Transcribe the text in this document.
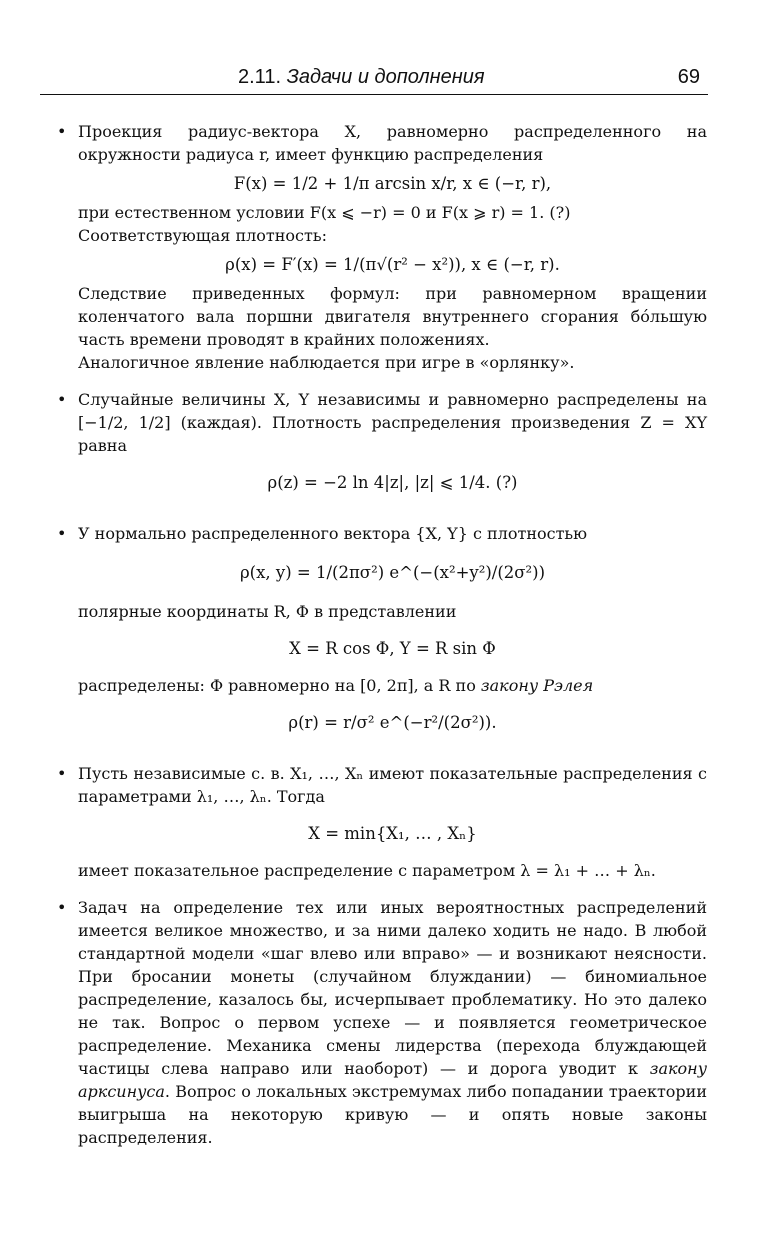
2.11. Задачи и дополнения	69
• Проекция радиус-вектора X, равномерно распределенного на окружности радиуса r, имеет функцию распределения

F(x) = 1/2 + 1/π arcsin x/r, x ∈ (−r, r),

при естественном условии F(x ⩽ −r) = 0 и F(x ⩾ r) = 1. (?)

Соответствующая плотность:

ρ(x) = F′(x) = 1/(π√(r² − x²)), x ∈ (−r, r).

Следствие приведенных формул: при равномерном вращении коленчатого вала поршни двигателя внутреннего сгорания бóльшую часть времени проводят в крайних положениях.

Аналогичное явление наблюдается при игре в «орлянку».

• Случайные величины X, Y независимы и равномерно распределены на [−1/2, 1/2] (каждая). Плотность распределения произведения Z = XY равна

ρ(z) = −2 ln 4|z|, |z| ⩽ 1/4. (?)
• У нормально распределенного вектора {X, Y} с плотностью

ρ(x, y) = 1/(2πσ²) e^(−(x²+y²)/(2σ²))

полярные координаты R, Φ в представлении

X = R cos Φ, Y = R sin Φ

распределены: Φ равномерно на [0, 2π], а R по закону Рэлея

ρ(r) = r/σ² e^(−r²/(2σ²)).
• Пусть независимые с. в. X₁, …, Xₙ имеют показательные распределения с параметрами λ₁, …, λₙ. Тогда

X = min{X₁, … , Xₙ}

имеет показательное распределение с параметром λ = λ₁ + … + λₙ.

• Задач на определение тех или иных вероятностных распределений имеется великое множество, и за ними далеко ходить не надо. В любой стандартной модели «шаг влево или вправо» — и возникают неясности. При бросании монеты (случайном блуждании) — биномиальное распределение, казалось бы, исчерпывает проблематику. Но это далеко не так. Вопрос о первом успехе — и появляется геометрическое распределение. Механика смены лидерства (перехода блуждающей частицы слева направо или наоборот) — и дорога уводит к закону арксинуса. Вопрос о локальных экстремумах либо попадании траектории выигрыша на некоторую кривую — и опять новые законы распределения.
